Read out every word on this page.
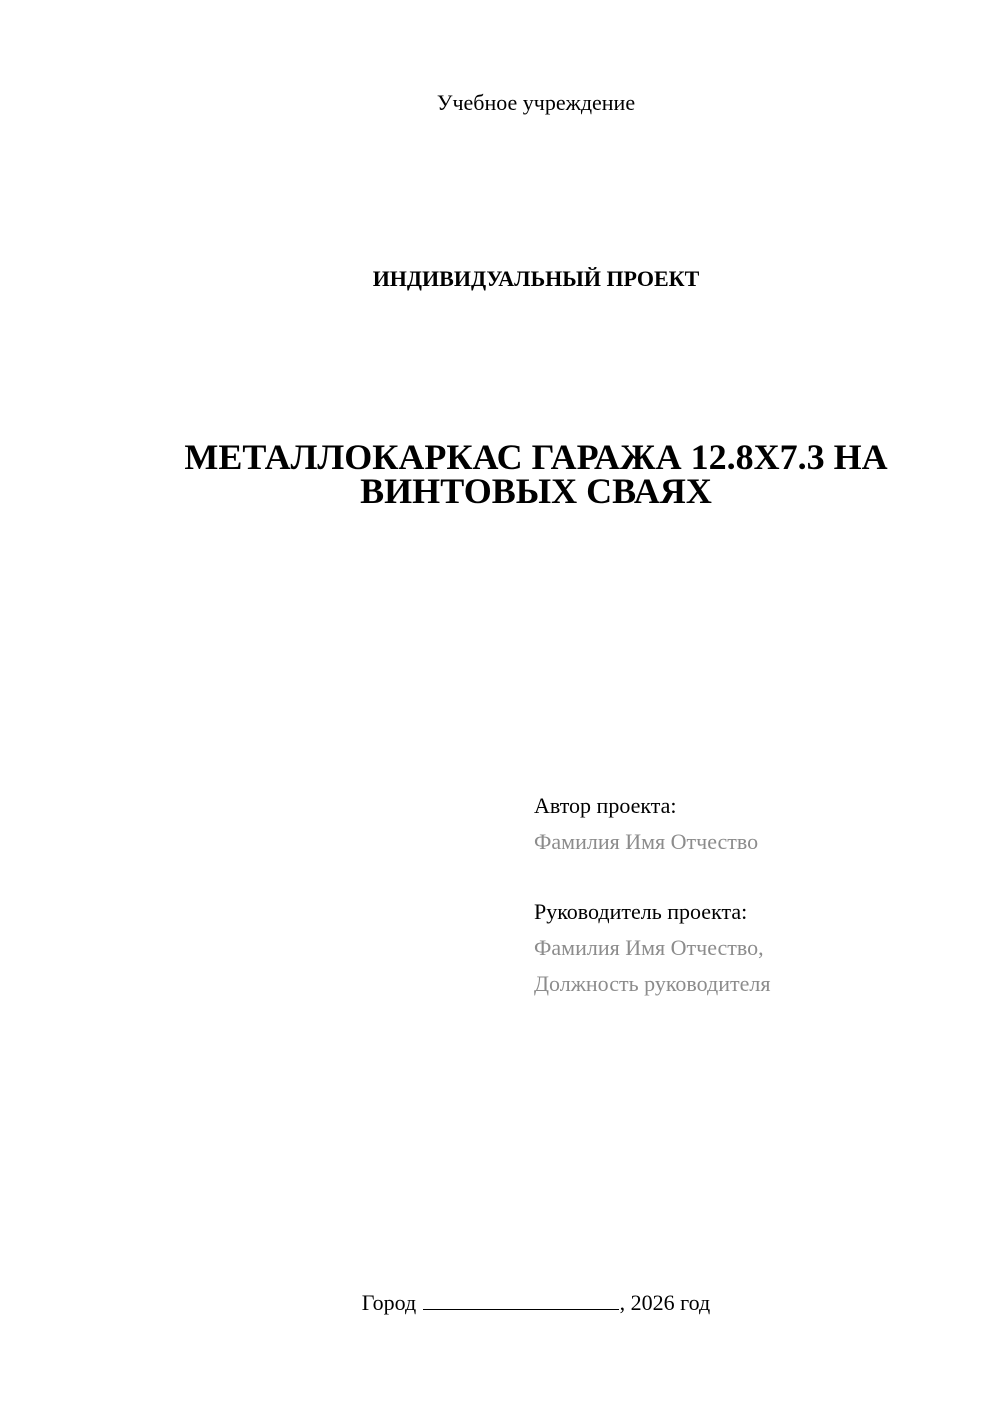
Учебное учреждение
ИНДИВИДУАЛЬНЫЙ ПРОЕКТ
МЕТАЛЛОКАРКАС ГАРАЖА 12.8Х7.3 НА
ВИНТОВЫХ СВАЯХ
Автор проекта:
Фамилия Имя Отчество
Руководитель проекта:
Фамилия Имя Отчество,
Должность руководителя
Город	, 2026 год
